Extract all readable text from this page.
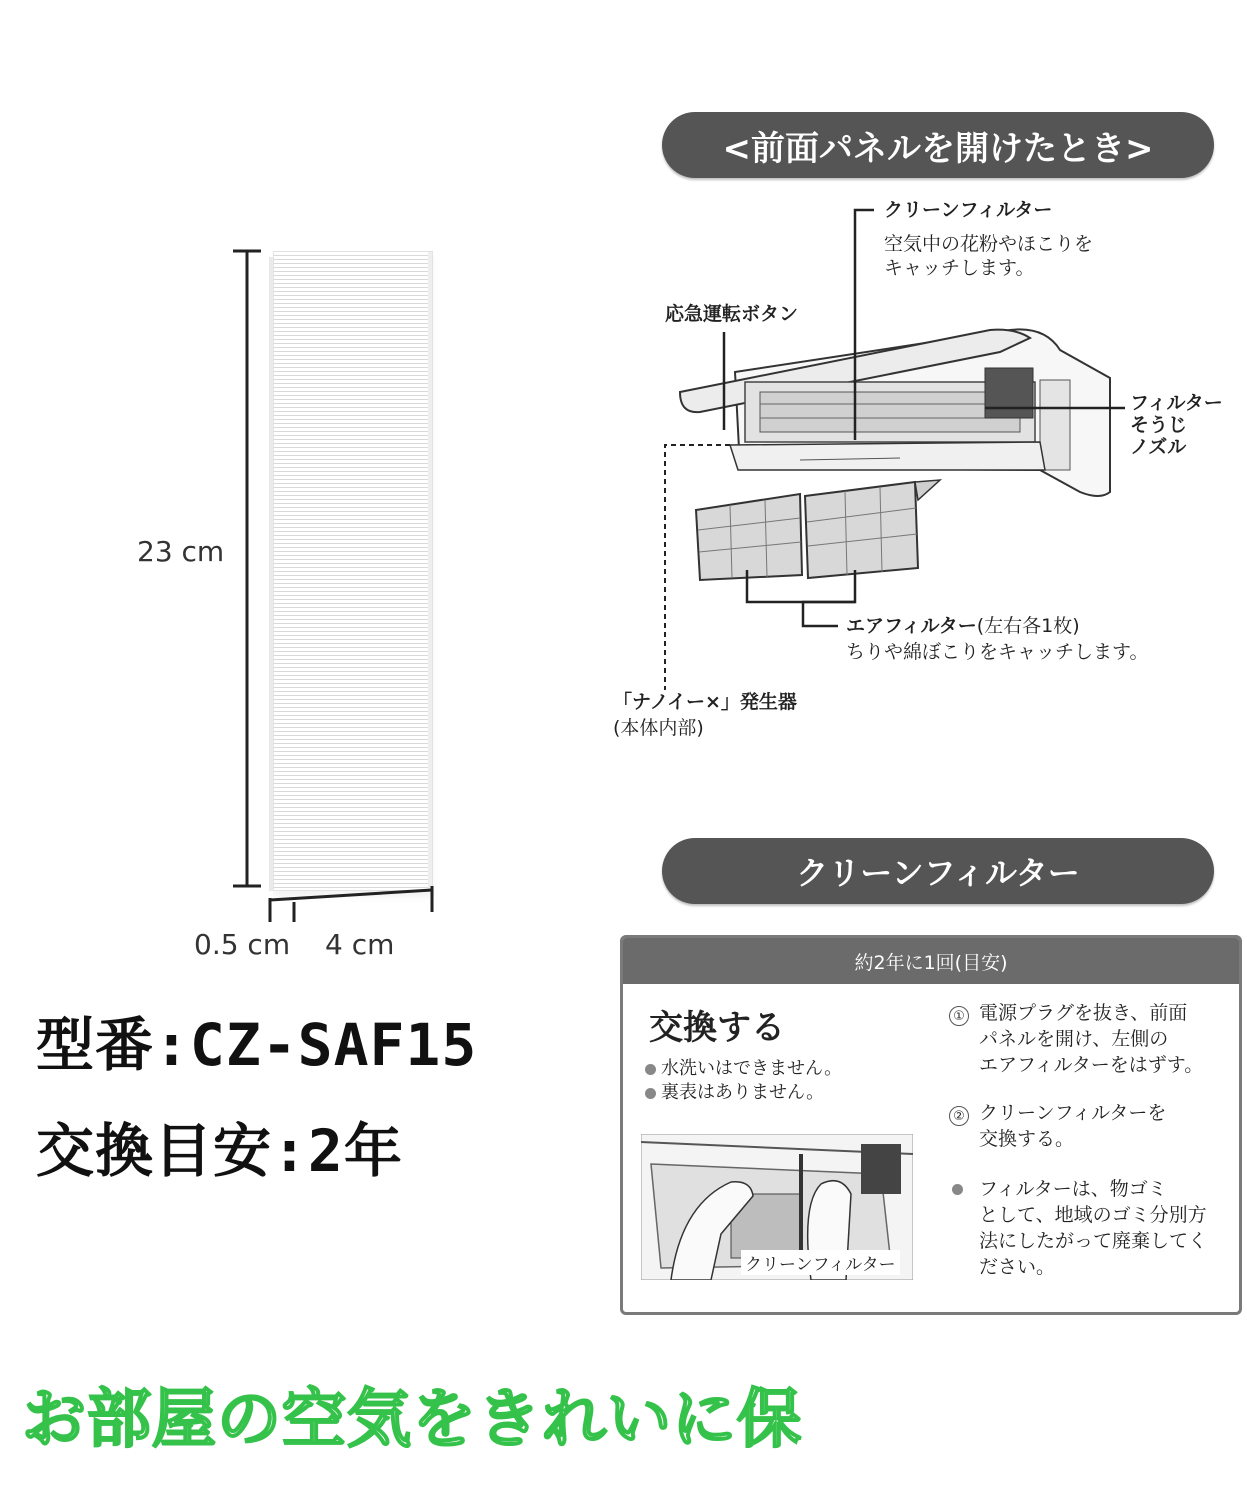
23 cm
0.5 cm 4 cm
型番:CZ-SAF15
交換目安:2年
<前面パネルを開けたとき>
クリーンフィルター
空気中の花粉やほこりを
キャッチします。
応急運転ボタン
フィルター
そうじ
ノズル
エアフィルター(左右各1枚)
ちりや綿ぼこりをキャッチします。
「ナノイー×」発生器
(本体内部)
クリーンフィルター
約2年に1回(目安)
交換する
水洗いはできません。
裏表はありません。
クリーンフィルター
① 電源プラグを抜き、前面
パネルを開け、左側の
エアフィルターをはずす。
② クリーンフィルターを
交換する。
フィルターは、物ゴミ
として、地域のゴミ分別方
法にしたがって廃棄してく
ださい。
お部屋の空気をきれいに保
